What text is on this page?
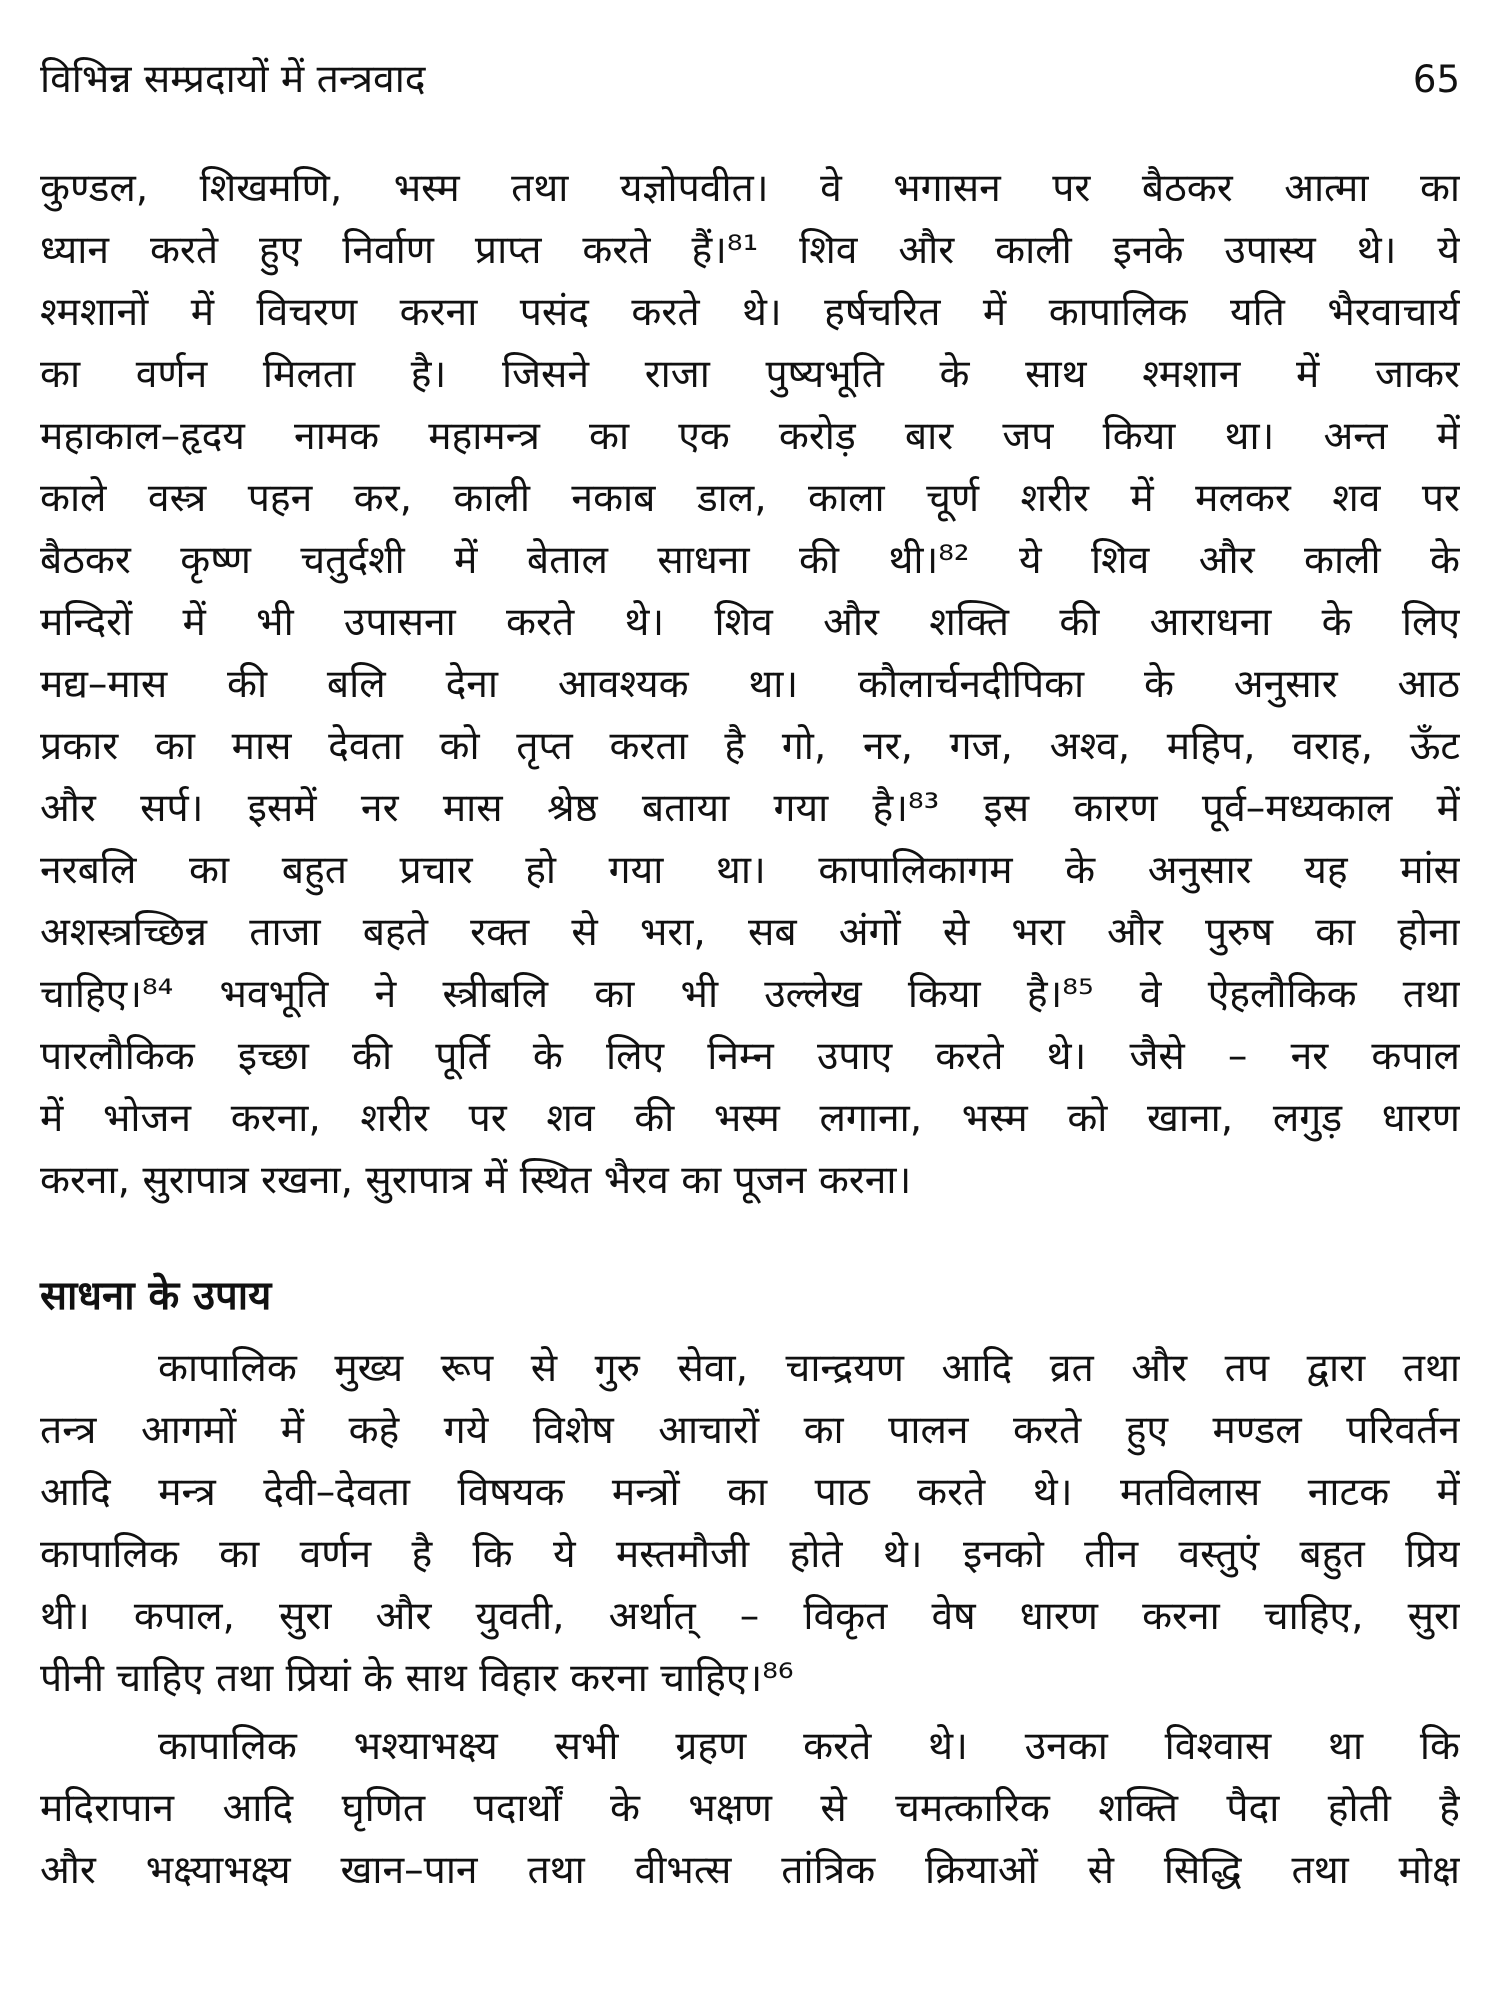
विभिन्न सम्प्रदायों में तन्त्रवाद	65
कुण्डल, शिखमणि, भस्म तथा यज्ञोपवीत। वे भगासन पर बैठकर आत्मा का
ध्यान करते हुए निर्वाण प्राप्त करते हैं।⁸¹ शिव और काली इनके उपास्य थे। ये
श्मशानों में विचरण करना पसंद करते थे। हर्षचरित में कापालिक यति भैरवाचार्य
का वर्णन मिलता है। जिसने राजा पुष्यभूति के साथ श्मशान में जाकर
महाकाल–हृदय नामक महामन्त्र का एक करोड़ बार जप किया था। अन्त में
काले वस्त्र पहन कर, काली नकाब डाल, काला चूर्ण शरीर में मलकर शव पर
बैठकर कृष्ण चतुर्दशी में बेताल साधना की थी।⁸² ये शिव और काली के
मन्दिरों में भी उपासना करते थे। शिव और शक्ति की आराधना के लिए
मद्य–मास की बलि देना आवश्यक था। कौलार्चनदीपिका के अनुसार आठ
प्रकार का मास देवता को तृप्त करता है गो, नर, गज, अश्व, महिप, वराह, ऊँट
और सर्प। इसमें नर मास श्रेष्ठ बताया गया है।⁸³ इस कारण पूर्व–मध्यकाल में
नरबलि का बहुत प्रचार हो गया था। कापालिकागम के अनुसार यह मांस
अशस्त्रच्छिन्न ताजा बहते रक्त से भरा, सब अंगों से भरा और पुरुष का होना
चाहिए।⁸⁴ भवभूति ने स्त्रीबलि का भी उल्लेख किया है।⁸⁵ वे ऐहलौकिक तथा
पारलौकिक इच्छा की पूर्ति के लिए निम्न उपाए करते थे। जैसे – नर कपाल
में भोजन करना, शरीर पर शव की भस्म लगाना, भस्म को खाना, लगुड़ धारण
करना, सुरापात्र रखना, सुरापात्र में स्थित भैरव का पूजन करना।
साधना के उपाय
कापालिक मुख्य रूप से गुरु सेवा, चान्द्रयण आदि व्रत और तप द्वारा तथा
तन्त्र आगमों में कहे गये विशेष आचारों का पालन करते हुए मण्डल परिवर्तन
आदि मन्त्र देवी–देवता विषयक मन्त्रों का पाठ करते थे। मतविलास नाटक में
कापालिक का वर्णन है कि ये मस्तमौजी होते थे। इनको तीन वस्तुएं बहुत प्रिय
थी। कपाल, सुरा और युवती, अर्थात् – विकृत वेष धारण करना चाहिए, सुरा
पीनी चाहिए तथा प्रियां के साथ विहार करना चाहिए।⁸⁶
कापालिक भश्याभक्ष्य सभी ग्रहण करते थे। उनका विश्वास था कि
मदिरापान आदि घृणित पदार्थों के भक्षण से चमत्कारिक शक्ति पैदा होती है
और भक्ष्याभक्ष्य खान–पान तथा वीभत्स तांत्रिक क्रियाओं से सिद्धि तथा मोक्ष
